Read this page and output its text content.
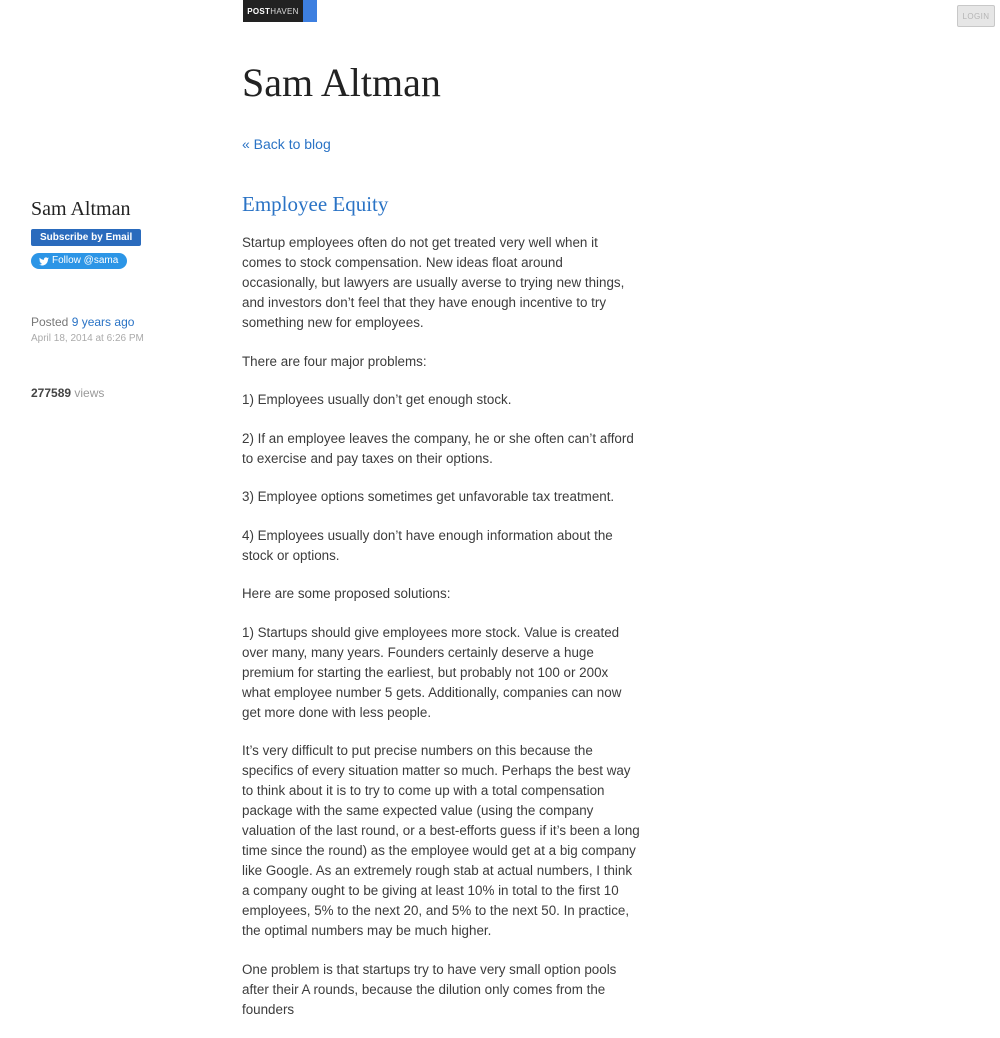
POST HAVEN
LOGIN
Sam Altman
« Back to blog
Sam Altman
Subscribe by Email
Follow @sama
Posted 9 years ago
April 18, 2014 at 6:26 PM
277589 views
Employee Equity

Startup employees often do not get treated very well when it comes to stock compensation. New ideas float around occasionally, but lawyers are usually averse to trying new things, and investors don’t feel that they have enough incentive to try something new for employees.

There are four major problems:

1) Employees usually don’t get enough stock.

2) If an employee leaves the company, he or she often can’t afford to exercise and pay taxes on their options.

3) Employee options sometimes get unfavorable tax treatment.

4) Employees usually don’t have enough information about the stock or options.

Here are some proposed solutions:

1) Startups should give employees more stock. Value is created over many, many years. Founders certainly deserve a huge premium for starting the earliest, but probably not 100 or 200x what employee number 5 gets. Additionally, companies can now get more done with less people.

It’s very difficult to put precise numbers on this because the specifics of every situation matter so much. Perhaps the best way to think about it is to try to come up with a total compensation package with the same expected value (using the company valuation of the last round, or a best-efforts guess if it’s been a long time since the round) as the employee would get at a big company like Google. As an extremely rough stab at actual numbers, I think a company ought to be giving at least 10% in total to the first 10 employees, 5% to the next 20, and 5% to the next 50. In practice, the optimal numbers may be much higher.

One problem is that startups try to have very small option pools after their A rounds, because the dilution only comes from the founders
